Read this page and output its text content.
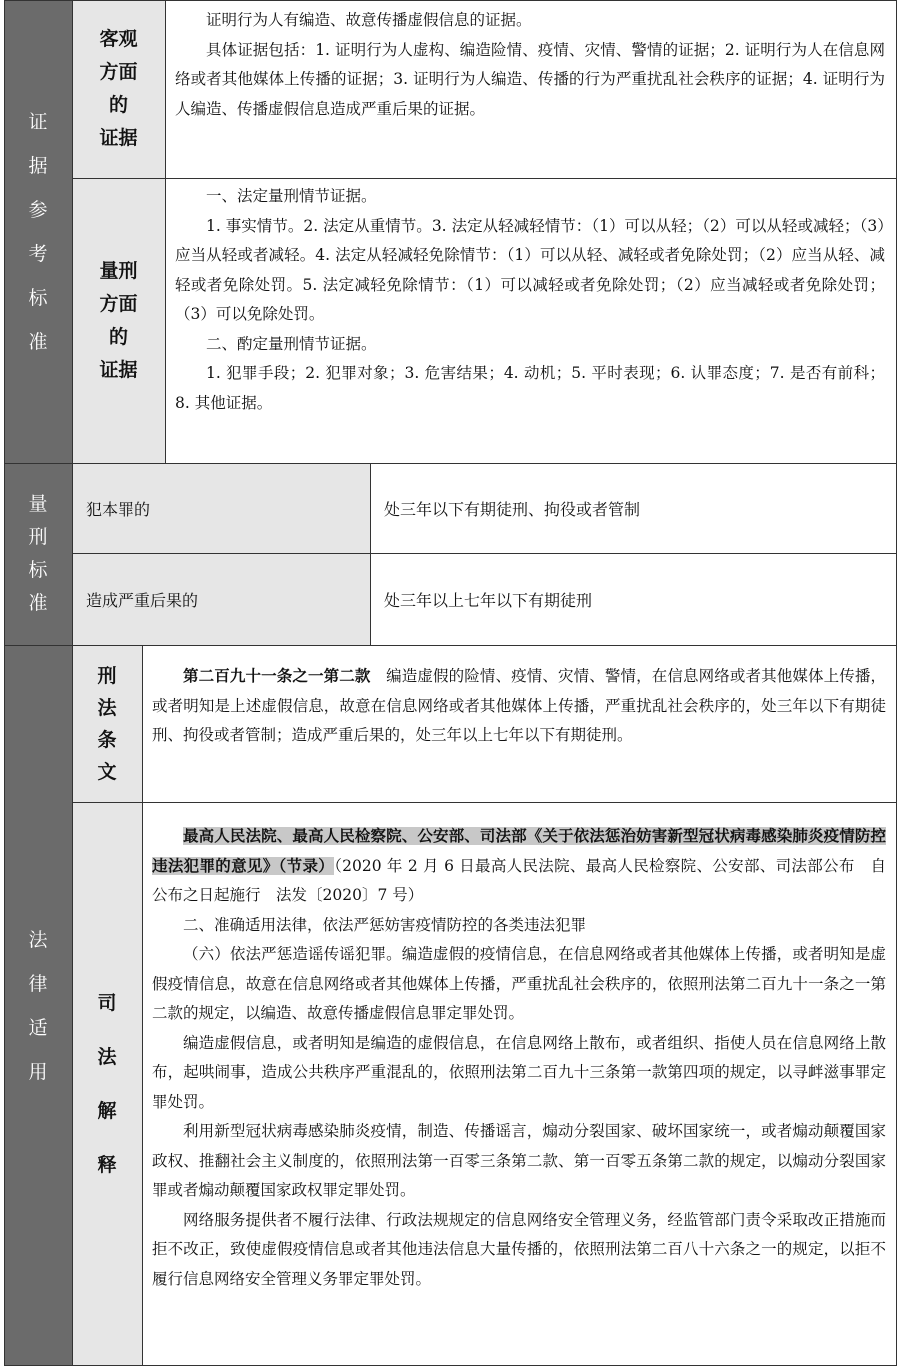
证
据
参
考
标
准
量
刑
标
准
法
律
适
用
客观
方面
的
证据
量刑
方面
的
证据
刑
法
条
文
司
法
解
释

证明行为人有编造、故意传播虚假信息的证据。

具体证据包括：1. 证明行为人虚构、编造险情、疫情、灾情、警情的证据；2. 证明行为人在信息网络或者其他媒体上传播的证据；3. 证明行为人编造、传播的行为严重扰乱社会秩序的证据；4. 证明行为人编造、传播虚假信息造成严重后果的证据。

一、法定量刑情节证据。

1. 事实情节。2. 法定从重情节。3. 法定从轻减轻情节：（1）可以从轻；（2）可以从轻或减轻；（3）应当从轻或者减轻。4. 法定从轻减轻免除情节：（1）可以从轻、减轻或者免除处罚；（2）应当从轻、减轻或者免除处罚。5. 法定减轻免除情节：（1）可以减轻或者免除处罚；（2）应当减轻或者免除处罚；（3）可以免除处罚。

二、酌定量刑情节证据。

1. 犯罪手段；2. 犯罪对象；3. 危害结果；4. 动机；5. 平时表现；6. 认罪态度；7. 是否有前科；8. 其他证据。

犯本罪的	处三年以下有期徒刑、拘役或者管制
造成严重后果的	处三年以上七年以下有期徒刑

第二百九十一条之一第二款　 编造虚假的险情、疫情、灾情、警情，在信息网络或者其他媒体上传播，或者明知是上述虚假信息，故意在信息网络或者其他媒体上传播，严重扰乱社会秩序的，处三年以下有期徒刑、拘役或者管制；造成严重后果的，处三年以上七年以下有期徒刑。

最高人民法院、最高人民检察院、公安部、司法部《关于依法惩治妨害新型冠状病毒感染肺炎疫情防控违法犯罪的意见》（节录）（2020 年 2 月 6 日最高人民法院、最高人民检察院、公安部、司法部公布　自公布之日起施行　法发〔2020〕7 号）

二、准确适用法律，依法严惩妨害疫情防控的各类违法犯罪

（六）依法严惩造谣传谣犯罪。编造虚假的疫情信息，在信息网络或者其他媒体上传播，或者明知是虚假疫情信息，故意在信息网络或者其他媒体上传播，严重扰乱社会秩序的，依照刑法第二百九十一条之一第二款的规定，以编造、故意传播虚假信息罪定罪处罚。

编造虚假信息，或者明知是编造的虚假信息，在信息网络上散布，或者组织、指使人员在信息网络上散布，起哄闹事，造成公共秩序严重混乱的，依照刑法第二百九十三条第一款第四项的规定，以寻衅滋事罪定罪处罚。

利用新型冠状病毒感染肺炎疫情，制造、传播谣言，煽动分裂国家、破坏国家统一，或者煽动颠覆国家政权、推翻社会主义制度的，依照刑法第一百零三条第二款、第一百零五条第二款的规定，以煽动分裂国家罪或者煽动颠覆国家政权罪定罪处罚。

网络服务提供者不履行法律、行政法规规定的信息网络安全管理义务，经监管部门责令采取改正措施而拒不改正，致使虚假疫情信息或者其他违法信息大量传播的，依照刑法第二百八十六条之一的规定，以拒不履行信息网络安全管理义务罪定罪处罚。
